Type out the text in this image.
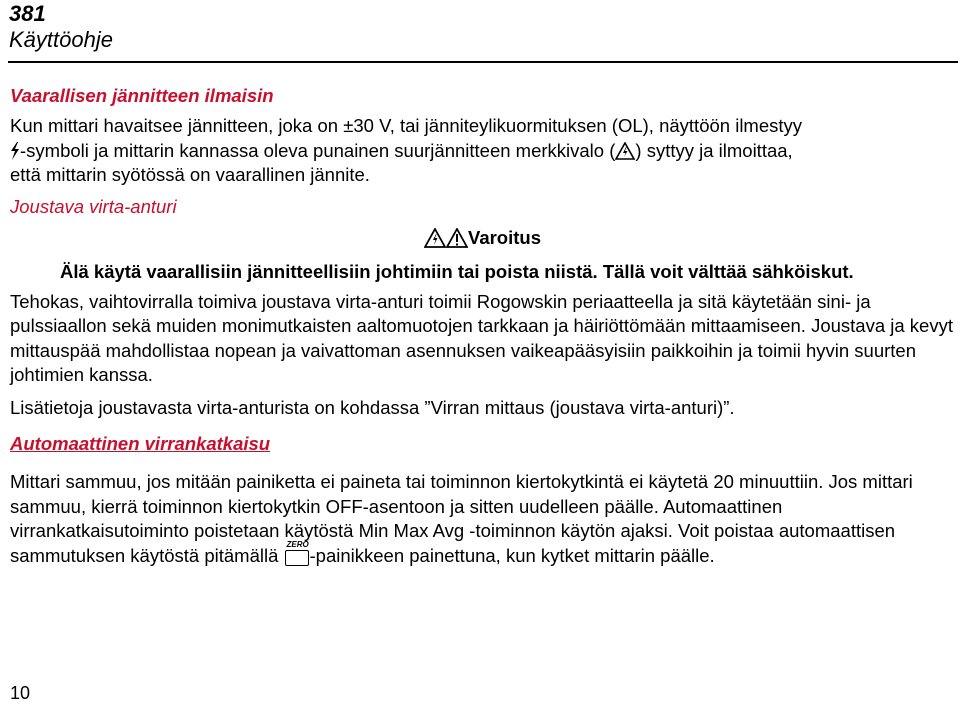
381
Käyttöohje
Vaarallisen jännitteen ilmaisin

Kun mittari havaitsee jännitteen, joka on ±30 V, tai jänniteylikuormituksen (OL), näyttöön ilmestyy
-symboli ja mittarin kannassa oleva punainen suurjännitteen merkkivalo ( ) syttyy ja ilmoittaa,
että mittarin syötössä on vaarallinen jännite.

Joustava virta-anturi
Varoitus
Älä käytä vaarallisiin jännitteellisiin johtimiin tai poista niistä. Tällä voit välttää sähköiskut.

Tehokas, vaihtovirralla toimiva joustava virta-anturi toimii Rogowskin periaatteella ja sitä käytetään sini- ja pulssiaallon sekä muiden monimutkaisten aaltomuotojen tarkkaan ja häiriöttömään mittaamiseen. Joustava ja kevyt mittauspää mahdollistaa nopean ja vaivattoman asennuksen vaikeapääsyisiin paikkoihin ja toimii hyvin suurten johtimien kanssa.

Lisätietoja joustavasta virta-anturista on kohdassa ”Virran mittaus (joustava virta-anturi)”.

Automaattinen virrankatkaisu

Mittari sammuu, jos mitään painiketta ei paineta tai toiminnon kiertokytkintä ei käytetä 20 minuuttiin. Jos mittari sammuu, kierrä toiminnon kiertokytkin OFF-asentoon ja sitten uudelleen päälle. Automaattinen virrankatkaisutoiminto poistetaan käytöstä Min Max Avg -toiminnon käytön ajaksi. Voit poistaa automaattisen sammutuksen käytöstä pitämällä
ZERO
-painikkeen painettuna, kun kytket mittarin päälle.

10
